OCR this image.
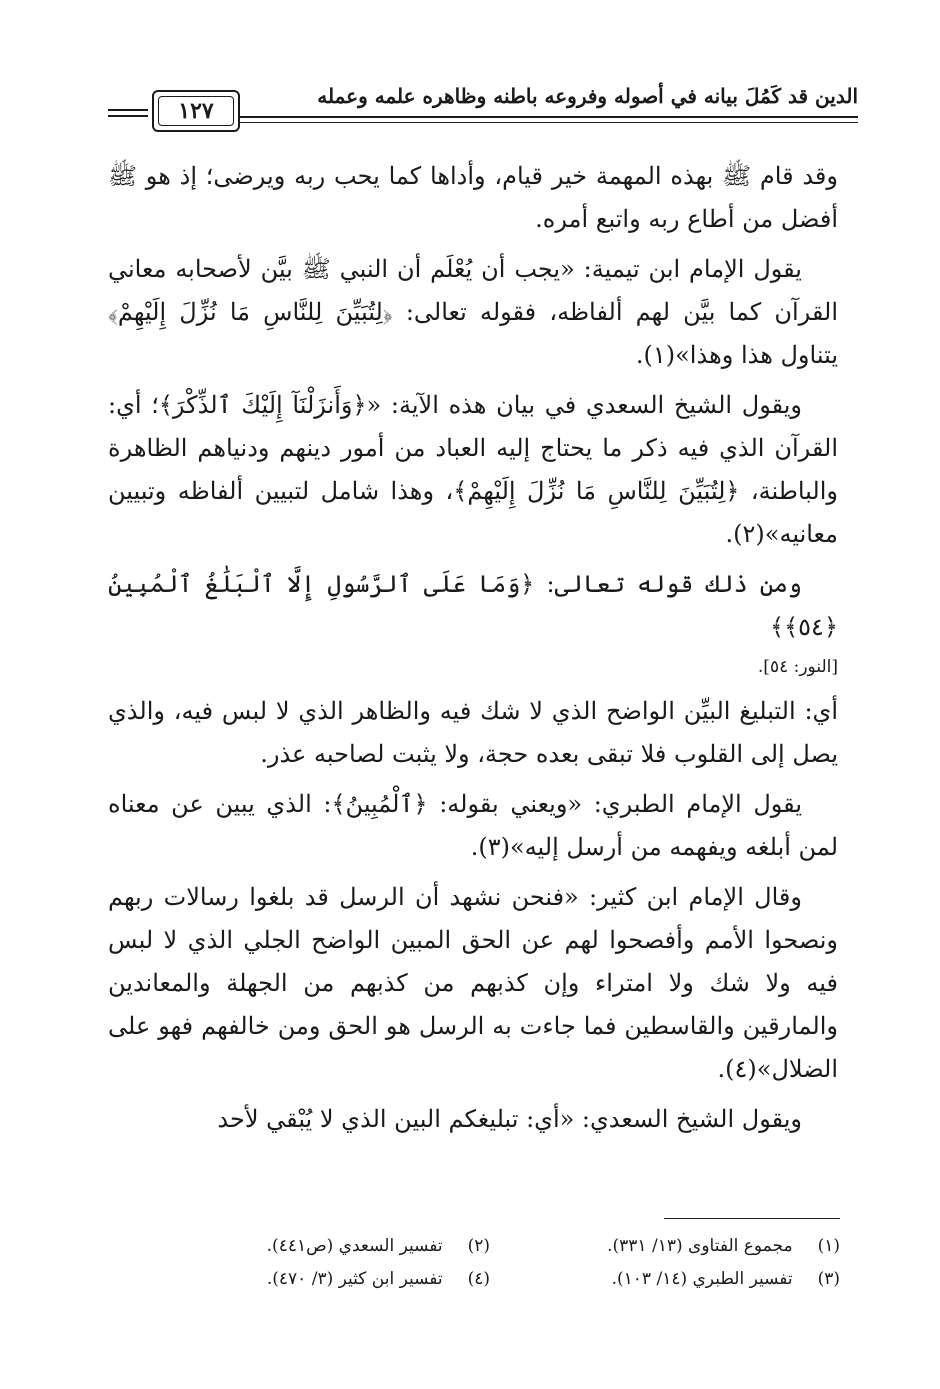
الدين قد كَمُلَ بيانه في أصوله وفروعه باطنه وظاهره علمه وعمله
١٢٧

وقد قام ﷺ بهذه المهمة خير قيام، وأداها كما يحب ربه ويرضى؛ إذ هو ﷺ أفضل من أطاع ربه واتبع أمره.

يقول الإمام ابن تيمية: «يجب أن يُعْلَم أن النبي ﷺ بيَّن لأصحابه معاني القرآن كما بيَّن لهم ألفاظه، فقوله تعالى: ﴿لِتُبَيِّنَ لِلنَّاسِ مَا نُزِّلَ إِلَيْهِمْ﴾ يتناول هذا وهذا»(١).

ويقول الشيخ السعدي في بيان هذه الآية: «﴿وَأَنزَلْنَآ إِلَيْكَ ٱلذِّكْرَ﴾؛ أي: القرآن الذي فيه ذكر ما يحتاج إليه العباد من أمور دينهم ودنياهم الظاهرة والباطنة، ﴿لِتُبَيِّنَ لِلنَّاسِ مَا نُزِّلَ إِلَيْهِمْ﴾، وهذا شامل لتبيين ألفاظه وتبيين معانيه»(٢).

ومن ذلك قوله تعالى: ﴿وَمَا عَلَى ٱلرَّسُولِ إِلَّا ٱلْبَلَٰغُ ٱلْمُبِينُ ﴿٥٤﴾﴾

[النور: ٥٤].

أي: التبليغ البيِّن الواضح الذي لا شك فيه والظاهر الذي لا لبس فيه، والذي يصل إلى القلوب فلا تبقى بعده حجة، ولا يثبت لصاحبه عذر.

يقول الإمام الطبري: «ويعني بقوله: ﴿ٱلْمُبِينُ﴾: الذي يبين عن معناه لمن أبلغه ويفهمه من أرسل إليه»(٣).

وقال الإمام ابن كثير: «فنحن نشهد أن الرسل قد بلغوا رسالات ربهم ونصحوا الأمم وأفصحوا لهم عن الحق المبين الواضح الجلي الذي لا لبس فيه ولا شك ولا امتراء وإن كذبهم من كذبهم من الجهلة والمعاندين والمارقين والقاسطين فما جاءت به الرسل هو الحق ومن خالفهم فهو على الضلال»(٤).

ويقول الشيخ السعدي: «أي: تبليغكم البين الذي لا يُبْقي لأحد

(١) مجموع الفتاوى (١٣/ ٣٣١).
(٢) تفسير السعدي (ص٤٤١).
(٣) تفسير الطبري (١٤/ ١٠٣).
(٤) تفسير ابن كثير (٣/ ٤٧٠).
